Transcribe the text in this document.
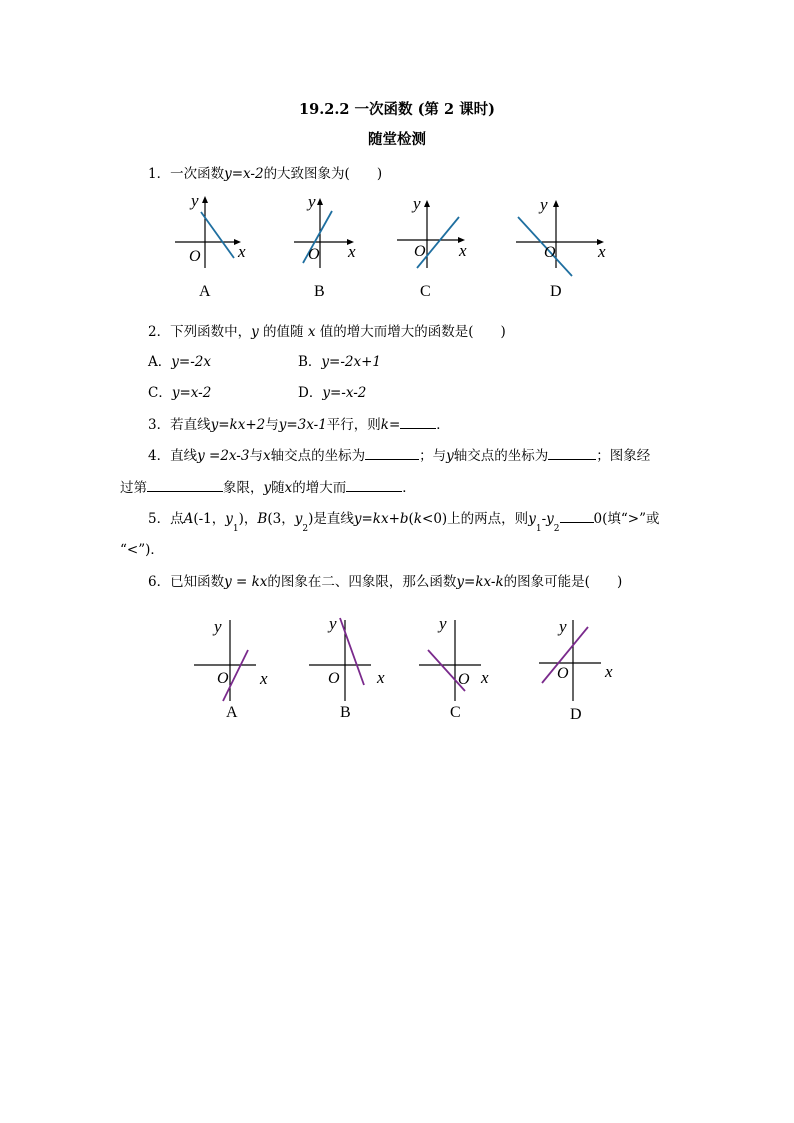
19.2.2 一次函数 (第 2 课时)
随堂检测
1．一次函数y=x-2的大致图象为(　　)
y
x
O
A
y
x
O
B
y
x
O
C
y
x
O
D
2．下列函数中，y 的值随 x 值的增大而增大的函数是(　　)
A．y=-2x	B．y=-2x+1
C．y=x-2	D．y=-x-2
3．若直线y=kx+2与y=3x-1平行，则k=	．
4．直线y =2x-3与x轴交点的坐标为	；与y轴交点的坐标为	；图象经
过第	象限，y随x的增大而	．
5．点A(-1，$y_1$)，B(3，$y_2$)是直线y=kx+b(k<0)上的两点，则$y_1-y_20$(填“>”或
“<”)．
6．已知函数y = kx的图象在二、四象限，那么函数y=kx-k的图象可能是(　　)
y
x
O
A
y
x
O
B
y
x
O
C
y
x
O
D
